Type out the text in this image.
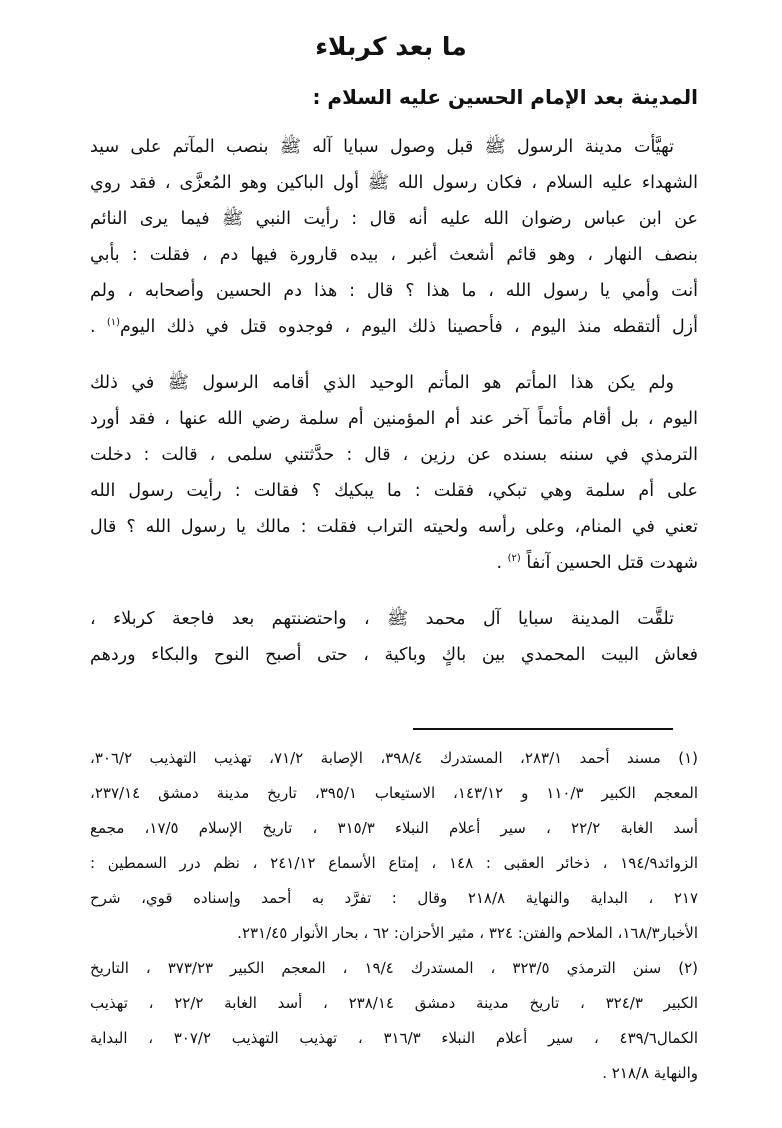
ما بعد كربلاء
المدينة بعد الإمام الحسين عليه السلام :
تهيَّأت مدينة الرسول ﷺ قبل وصول سبايا آله ﷺ بنصب المآتم على سيد
الشهداء عليه السلام ، فكان رسول الله ﷺ أول الباكين وهو المُعزَّى ، فقد روي
عن ابن عباس رضوان الله عليه أنه قال : رأيت النبي ﷺ فيما يرى النائم
بنصف النهار ، وهو قائم أشعث أغبر ، بيده قارورة فيها دم ، فقلت : بأبي
أنت وأمي يا رسول الله ، ما هذا ؟ قال : هذا دم الحسين وأصحابه ، ولم
أزل ألتقطه منذ اليوم ، فأحصينا ذلك اليوم ، فوجدوه قتل في ذلك اليوم$^{(١)}$ .
ولم يكن هذا المأتم هو المأتم الوحيد الذي أقامه الرسول ﷺ في ذلك
اليوم ، بل أقام مأتماً آخر عند أم المؤمنين أم سلمة رضي الله عنها ، فقد أورد
الترمذي في سننه بسنده عن رزين ، قال : حدَّثتني سلمى ، قالت : دخلت
على أم سلمة وهي تبكي، فقلت : ما يبكيك ؟ فقالت : رأيت رسول الله
تعني في المنام، وعلى رأسه ولحيته التراب فقلت : مالك يا رسول الله ؟ قال
شهدت قتل الحسين آنفاً $^{(٢)}$ .
تلقَّت المدينة سبايا آل محمد ﷺ ، واحتضنتهم بعد فاجعة كربلاء ،
فعاش البيت المحمدي بين باكٍ وباكية ، حتى أصبح النوح والبكاء وردهم
(١) مسند أحمد ٢٨٣/١، المستدرك ٣٩٨/٤، الإصابة ٧١/٢، تهذيب التهذيب ٣٠٦/٢،
المعجم الكبير ١١٠/٣ و ١٤٣/١٢، الاستيعاب ٣٩٥/١، تاريخ مدينة دمشق ٢٣٧/١٤،
أسد الغابة ٢٢/٢ ، سير أعلام النبلاء ٣١٥/٣ ، تاريخ الإسلام ١٧/٥، مجمع
الزوائد١٩٤/٩ ، ذخائر العقبى : ١٤٨ ، إمتاع الأسماع ٢٤١/١٢ ، نظم درر السمطين :
٢١٧ ، البداية والنهاية ٢١٨/٨ وقال : تفرَّد به أحمد وإسناده قوي، شرح
الأخبار١٦٨/٣، الملاحم والفتن: ٣٢٤ ، مثير الأحزان: ٦٢ ، بحار الأنوار ٢٣١/٤٥.
(٢) سنن الترمذي ٣٢٣/٥ ، المستدرك ١٩/٤ ، المعجم الكبير ٣٧٣/٢٣ ، التاريخ
الكبير ٣٢٤/٣ ، تاريخ مدينة دمشق ٢٣٨/١٤ ، أسد الغابة ٢٢/٢ ، تهذيب
الكمال٤٣٩/٦ ، سير أعلام النبلاء ٣١٦/٣ ، تهذيب التهذيب ٣٠٧/٢ ، البداية
والنهاية ٢١٨/٨ .
